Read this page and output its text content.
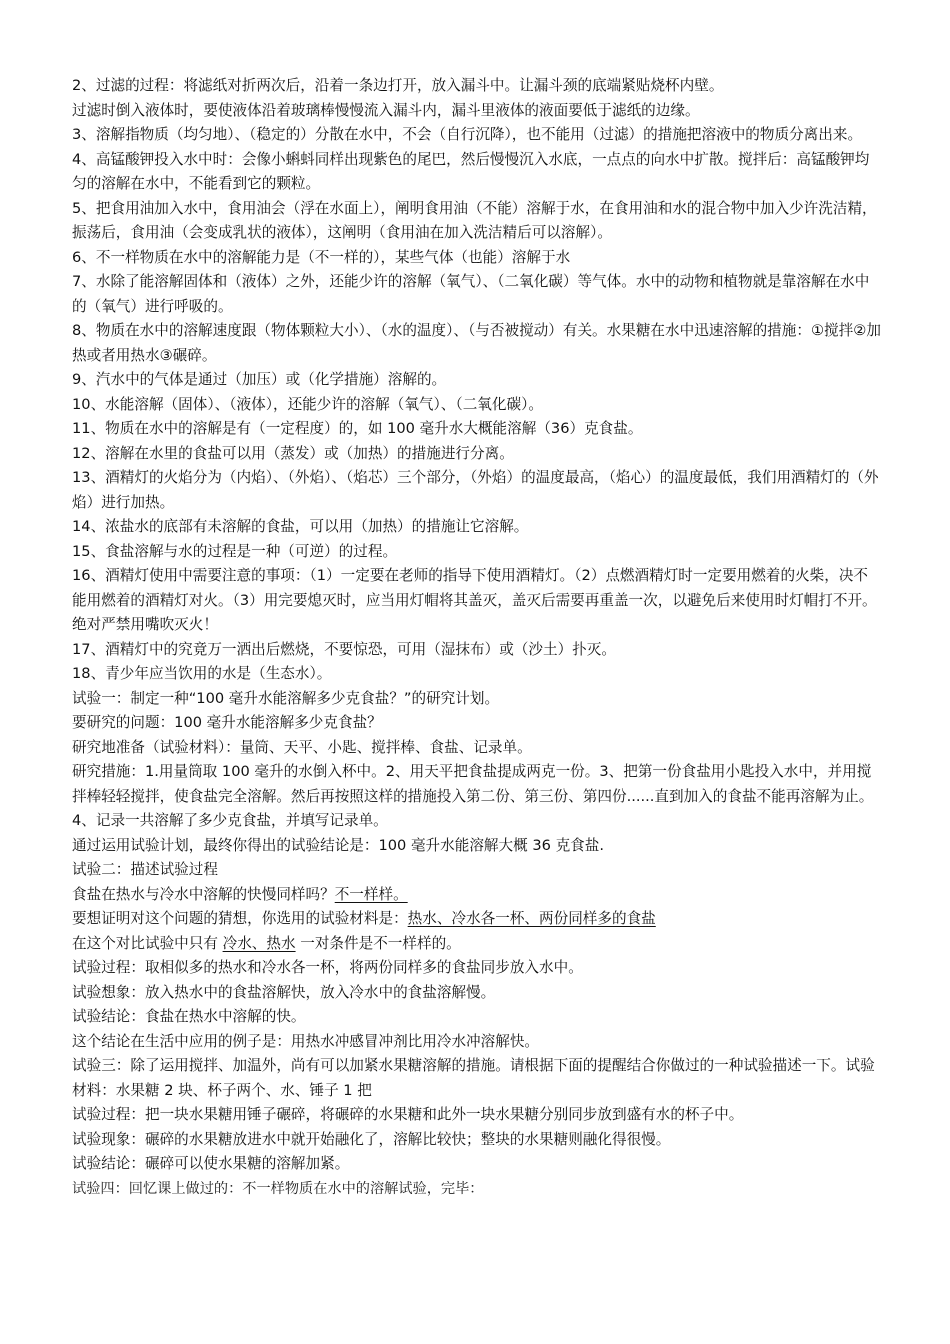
2、过滤的过程：将滤纸对折两次后，沿着一条边打开，放入漏斗中。让漏斗颈的底端紧贴烧杯内壁。

过滤时倒入液体时，要使液体沿着玻璃棒慢慢流入漏斗内，漏斗里液体的液面要低于滤纸的边缘。

3、溶解指物质（均匀地）、（稳定的）分散在水中，不会（自行沉降），也不能用（过滤）的措施把溶液中的物质分离出来。

4、高锰酸钾投入水中时：会像小蝌蚪同样出现紫色的尾巴，然后慢慢沉入水底，一点点的向水中扩散。搅拌后：高锰酸钾均匀的溶解在水中，不能看到它的颗粒。

5、把食用油加入水中，食用油会（浮在水面上），阐明食用油（不能）溶解于水，在食用油和水的混合物中加入少许洗洁精，振荡后，食用油（会变成乳状的液体），这阐明（食用油在加入洗洁精后可以溶解）。

6、不一样物质在水中的溶解能力是（不一样的），某些气体（也能）溶解于水

7、水除了能溶解固体和（液体）之外，还能少许的溶解（氧气）、（二氧化碳）等气体。水中的动物和植物就是靠溶解在水中的（氧气）进行呼吸的。

8、物质在水中的溶解速度跟（物体颗粒大小）、（水的温度）、（与否被搅动）有关。水果糖在水中迅速溶解的措施：①搅拌②加热或者用热水③碾碎。

9、汽水中的气体是通过（加压）或（化学措施）溶解的。

10、水能溶解（固体）、（液体），还能少许的溶解（氧气）、（二氧化碳）。

11、物质在水中的溶解是有（一定程度）的，如 100 毫升水大概能溶解（36）克食盐。

12、溶解在水里的食盐可以用（蒸发）或（加热）的措施进行分离。

13、酒精灯的火焰分为（内焰）、（外焰）、（焰芯）三个部分，（外焰）的温度最高，（焰心）的温度最低，我们用酒精灯的（外焰）进行加热。

14、浓盐水的底部有未溶解的食盐，可以用（加热）的措施让它溶解。

15、食盐溶解与水的过程是一种（可逆）的过程。

16、酒精灯使用中需要注意的事项：（1）一定要在老师的指导下使用酒精灯。（2）点燃酒精灯时一定要用燃着的火柴，决不能用燃着的酒精灯对火。（3）用完要熄灭时，应当用灯帽将其盖灭，盖灭后需要再重盖一次，以避免后来使用时灯帽打不开。绝对严禁用嘴吹灭火！

17、酒精灯中的究竟万一洒出后燃烧，不要惊恐，可用（湿抹布）或（沙土）扑灭。

18、青少年应当饮用的水是（生态水）。

试验一：制定一种“100 毫升水能溶解多少克食盐？”的研究计划。

要研究的问题：100 毫升水能溶解多少克食盐？

研究地准备（试验材料）：量筒、天平、小匙、搅拌棒、食盐、记录单。

研究措施：1.用量筒取 100 毫升的水倒入杯中。2、用天平把食盐提成两克一份。3、把第一份食盐用小匙投入水中，并用搅拌棒轻轻搅拌，使食盐完全溶解。然后再按照这样的措施投入第二份、第三份、第四份......直到加入的食盐不能再溶解为止。4、记录一共溶解了多少克食盐，并填写记录单。

通过运用试验计划，最终你得出的试验结论是：100 毫升水能溶解大概 36 克食盐.

试验二：描述试验过程

食盐在热水与冷水中溶解的快慢同样吗？不一样样。

要想证明对这个问题的猜想，你选用的试验材料是：热水、冷水各一杯、两份同样多的食盐

在这个对比试验中只有 冷水、热水 一对条件是不一样样的。

试验过程：取相似多的热水和冷水各一杯，将两份同样多的食盐同步放入水中。

试验想象：放入热水中的食盐溶解快，放入冷水中的食盐溶解慢。

试验结论：食盐在热水中溶解的快。

这个结论在生活中应用的例子是：用热水冲感冒冲剂比用冷水冲溶解快。

试验三：除了运用搅拌、加温外，尚有可以加紧水果糖溶解的措施。请根据下面的提醒结合你做过的一种试验描述一下。试验材料：水果糖 2 块、杯子两个、水、锤子 1 把

试验过程：把一块水果糖用锤子碾碎，将碾碎的水果糖和此外一块水果糖分别同步放到盛有水的杯子中。

试验现象：碾碎的水果糖放进水中就开始融化了，溶解比较快；整块的水果糖则融化得很慢。

试验结论：碾碎可以使水果糖的溶解加紧。

试验四：回忆课上做过的：不一样物质在水中的溶解试验，完毕：
